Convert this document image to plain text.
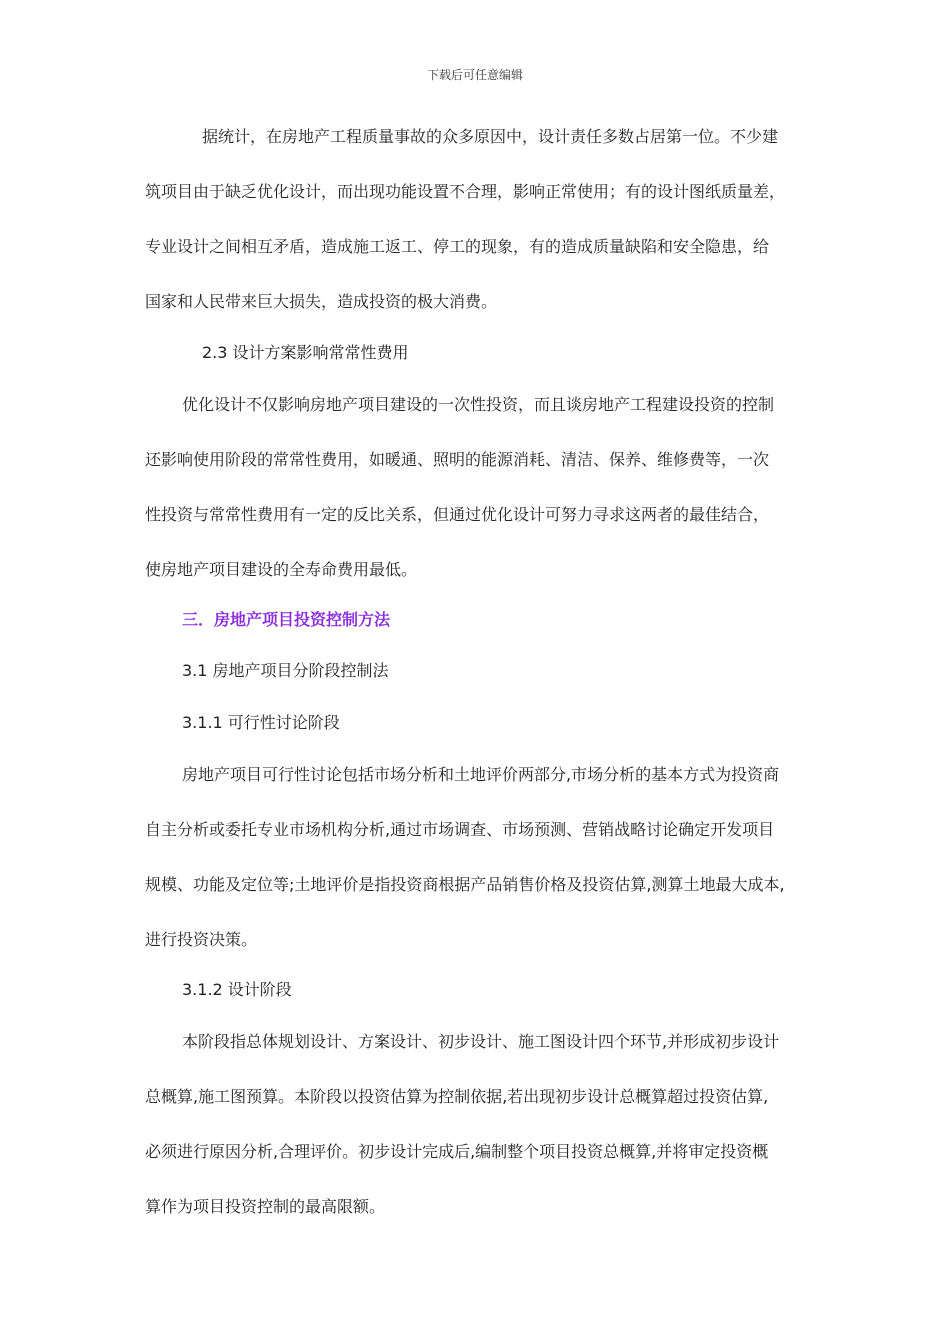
下载后可任意编辑
据统计，在房地产工程质量事故的众多原因中，设计责任多数占居第一位。不少建
筑项目由于缺乏优化设计，而出现功能设置不合理，影响正常使用；有的设计图纸质量差，
专业设计之间相互矛盾，造成施工返工、停工的现象，有的造成质量缺陷和安全隐患，给
国家和人民带来巨大损失，造成投资的极大消费。
2.3 设计方案影响常常性费用
优化设计不仅影响房地产项目建设的一次性投资，而且谈房地产工程建设投资的控制
还影响使用阶段的常常性费用，如暖通、照明的能源消耗、清洁、保养、维修费等，一次
性投资与常常性费用有一定的反比关系，但通过优化设计可努力寻求这两者的最佳结合，
使房地产项目建设的全寿命费用最低。
三．房地产项目投资控制方法
3.1 房地产项目分阶段控制法
3.1.1 可行性讨论阶段
房地产项目可行性讨论包括市场分析和土地评价两部分,市场分析的基本方式为投资商
自主分析或委托专业市场机构分析,通过市场调查、市场预测、营销战略讨论确定开发项目
规模、功能及定位等;土地评价是指投资商根据产品销售价格及投资估算,测算土地最大成本,
进行投资决策。
3.1.2 设计阶段
本阶段指总体规划设计、方案设计、初步设计、施工图设计四个环节,并形成初步设计
总概算,施工图预算。本阶段以投资估算为控制依据,若出现初步设计总概算超过投资估算,
必须进行原因分析,合理评价。初步设计完成后,编制整个项目投资总概算,并将审定投资概
算作为项目投资控制的最高限额。
